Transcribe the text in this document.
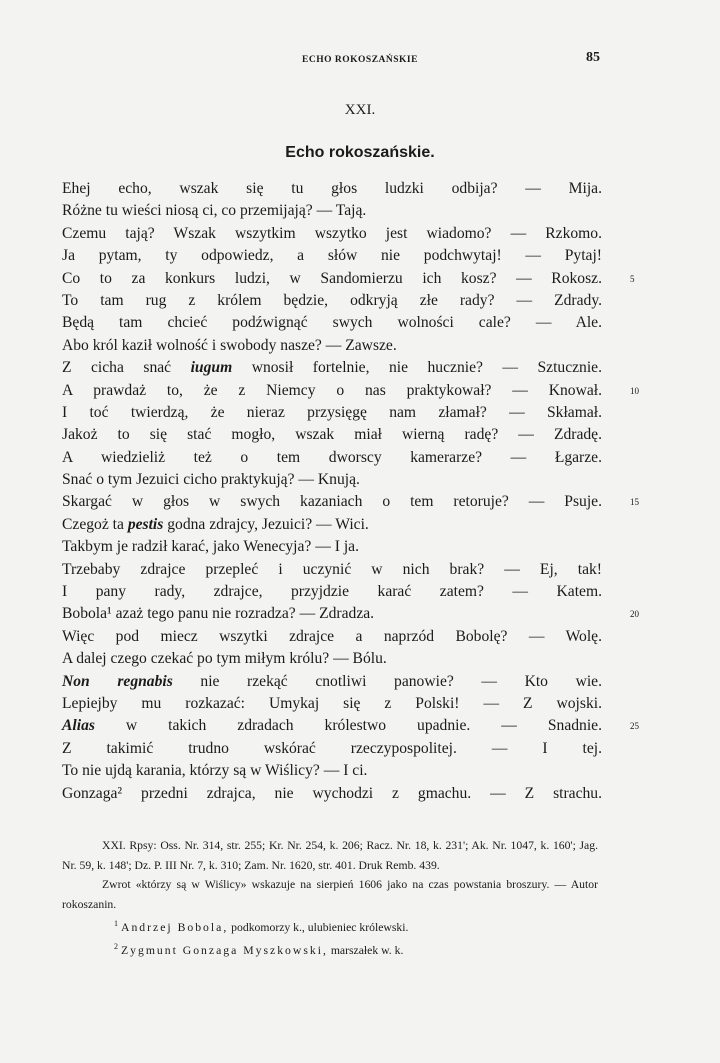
ECHO ROKOSZAŃSKIE	85
XXI.
Echo rokoszańskie.
Ehej echo, wszak się tu głos ludzki odbija? — Mija.
Różne tu wieści niosą ci, co przemijają? — Tają.
Czemu tają? Wszak wszytkim wszytko jest wiadomo? — Rzkomo.
Ja pytam, ty odpowiedz, a słów nie podchwytaj! — Pytaj!
Co to za konkurs ludzi, w Sandomierzu ich kosz? — Rokosz.	5
To tam rug z królem będzie, odkryją złe rady? — Zdrady.
Będą tam chcieć podźwignąć swych wolności cale? — Ale.
Abo król kaził wolność i swobody nasze? — Zawsze.
Z cicha snać iugum wnosił fortelnie, nie hucznie? — Sztucznie.
A prawdaż to, że z Niemcy o nas praktykował? — Knował.	10
I toć twierdzą, że nieraz przysięgę nam złamał? — Skłamał.
Jakoż to się stać mogło, wszak miał wierną radę? — Zdradę.
A wiedzieliż też o tem dworscy kamerarze? — Łgarze.
Snać o tym Jezuici cicho praktykują? — Knują.
Skargać w głos w swych kazaniach o tem retoruje? — Psuje.	15
Czegoż ta pestis godna zdrajcy, Jezuici? — Wici.
Takbym je radził karać, jako Wenecyja? — I ja.
Trzebaby zdrajce przepleć i uczynić w nich brak? — Ej, tak!
I pany rady, zdrajce, przyjdzie karać zatem? — Katem.
Bobola¹ azaż tego panu nie rozradza? — Zdradza.	20
Więc pod miecz wszytki zdrajce a naprzód Bobolę? — Wolę.
A dalej czego czekać po tym miłym królu? — Bólu.
Non regnabis nie rzekąć cnotliwi panowie? — Kto wie.
Lepiejby mu rozkazać: Umykaj się z Polski! — Z wojski.
Alias w takich zdradach królestwo upadnie. — Snadnie.	25
Z takimić trudno wskórać rzeczypospolitej. — I tej.
To nie ujdą karania, którzy są w Wiślicy? — I ci.
Gonzaga² przedni zdrajca, nie wychodzi z gmachu. — Z strachu.
XXI. Rpsy: Oss. Nr. 314, str. 255; Kr. Nr. 254, k. 206; Racz. Nr. 18, k. 231'; Ak. Nr. 1047, k. 160'; Jag. Nr. 59, k. 148'; Dz. P. III Nr. 7, k. 310; Zam. Nr. 1620, str. 401. Druk Remb. 439.
Zwrot «którzy są w Wiślicy» wskazuje na sierpień 1606 jako na czas powstania broszury. — Autor rokoszanin.
$^1$ Andrzej Bobola, podkomorzy k., ulubieniec królewski.
$^2$ Zygmunt Gonzaga Myszkowski, marszałek w. k.
